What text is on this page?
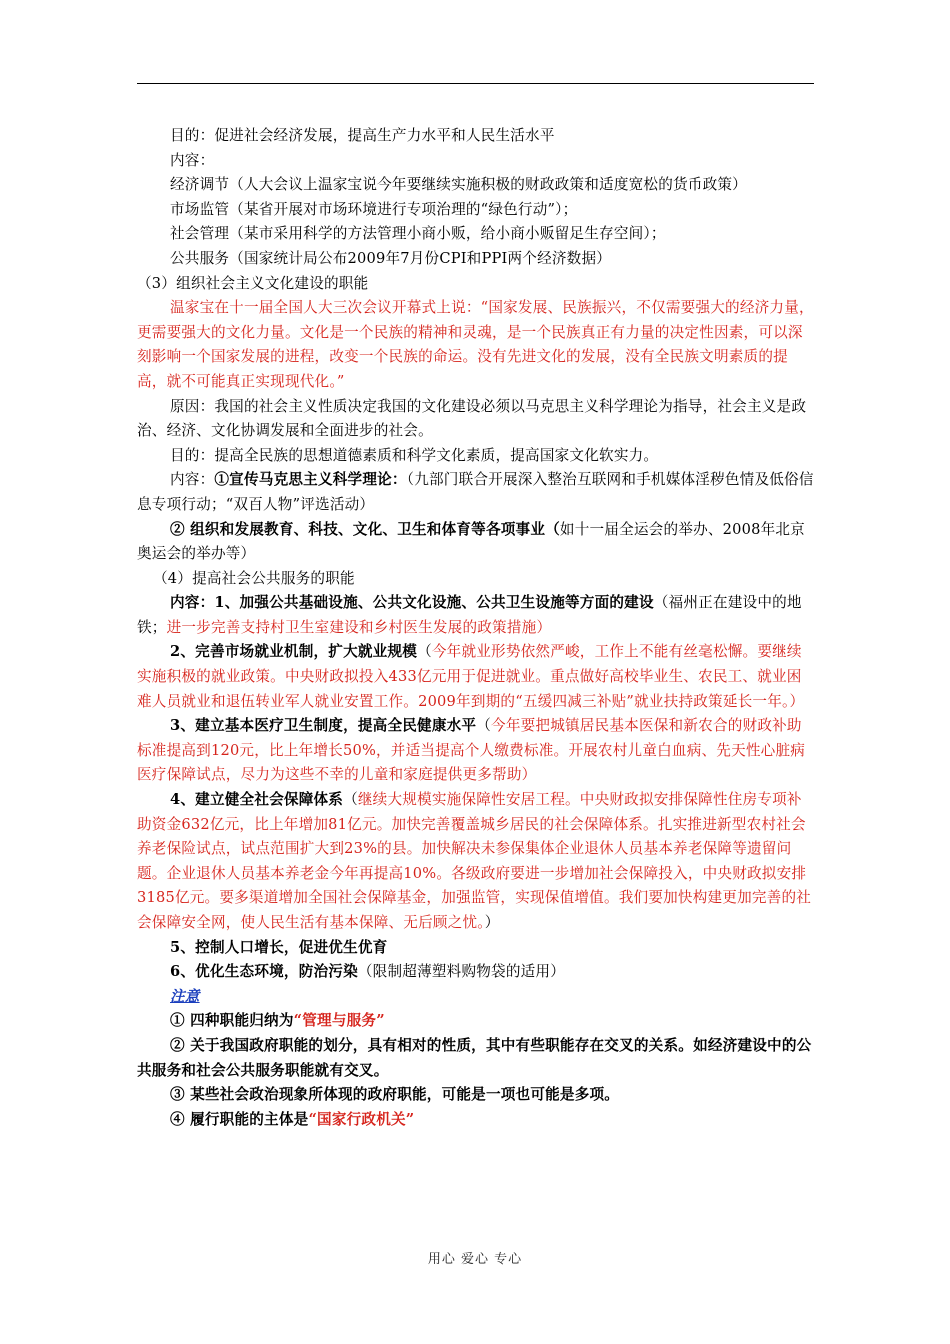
目的：促进社会经济发展，提高生产力水平和人民生活水平

内容：

经济调节（人大会议上温家宝说今年要继续实施积极的财政政策和适度宽松的货币政策）

市场监管（某省开展对市场环境进行专项治理的“绿色行动”）；

社会管理（某市采用科学的方法管理小商小贩，给小商小贩留足生存空间）；

公共服务（国家统计局公布2009年7月份CPI和PPI两个经济数据）

（3）组织社会主义文化建设的职能

温家宝在十一届全国人大三次会议开幕式上说：“国家发展、民族振兴，不仅需要强大的经济力量，更需要强大的文化力量。文化是一个民族的精神和灵魂，是一个民族真正有力量的决定性因素，可以深刻影响一个国家发展的进程，改变一个民族的命运。没有先进文化的发展，没有全民族文明素质的提高，就不可能真正实现现代化。”

原因：我国的社会主义性质决定我国的文化建设必须以马克思主义科学理论为指导，社会主义是政治、经济、文化协调发展和全面进步的社会。

目的：提高全民族的思想道德素质和科学文化素质，提高国家文化软实力。

内容：①宣传马克思主义科学理论：（九部门联合开展深入整治互联网和手机媒体淫秽色情及低俗信息专项行动；“双百人物”评选活动）

② 组织和发展教育、科技、文化、卫生和体育等各项事业（如十一届全运会的举办、2008年北京奥运会的举办等）

（4）提高社会公共服务的职能

内容：1、加强公共基础设施、公共文化设施、公共卫生设施等方面的建设（福州正在建设中的地铁；进一步完善支持村卫生室建设和乡村医生发展的政策措施）

2、完善市场就业机制，扩大就业规模（今年就业形势依然严峻，工作上不能有丝毫松懈。要继续实施积极的就业政策。中央财政拟投入433亿元用于促进就业。重点做好高校毕业生、农民工、就业困难人员就业和退伍转业军人就业安置工作。2009年到期的“五缓四减三补贴”就业扶持政策延长一年。）

3、建立基本医疗卫生制度，提高全民健康水平（今年要把城镇居民基本医保和新农合的财政补助标准提高到120元，比上年增长50%，并适当提高个人缴费标准。开展农村儿童白血病、先天性心脏病医疗保障试点，尽力为这些不幸的儿童和家庭提供更多帮助）

4、建立健全社会保障体系（继续大规模实施保障性安居工程。中央财政拟安排保障性住房专项补助资金632亿元，比上年增加81亿元。加快完善覆盖城乡居民的社会保障体系。扎实推进新型农村社会养老保险试点，试点范围扩大到23%的县。加快解决未参保集体企业退休人员基本养老保障等遗留问题。企业退休人员基本养老金今年再提高10%。各级政府要进一步增加社会保障投入，中央财政拟安排3185亿元。要多渠道增加全国社会保障基金，加强监管，实现保值增值。我们要加快构建更加完善的社会保障安全网，使人民生活有基本保障、无后顾之忧。）

5、控制人口增长，促进优生优育

6、优化生态环境，防治污染（限制超薄塑料购物袋的适用）

注意

① 四种职能归纳为“管理与服务”

② 关于我国政府职能的划分，具有相对的性质，其中有些职能存在交叉的关系。如经济建设中的公共服务和社会公共服务职能就有交叉。

③ 某些社会政治现象所体现的政府职能，可能是一项也可能是多项。

④ 履行职能的主体是“国家行政机关”

用心 爱心 专心
